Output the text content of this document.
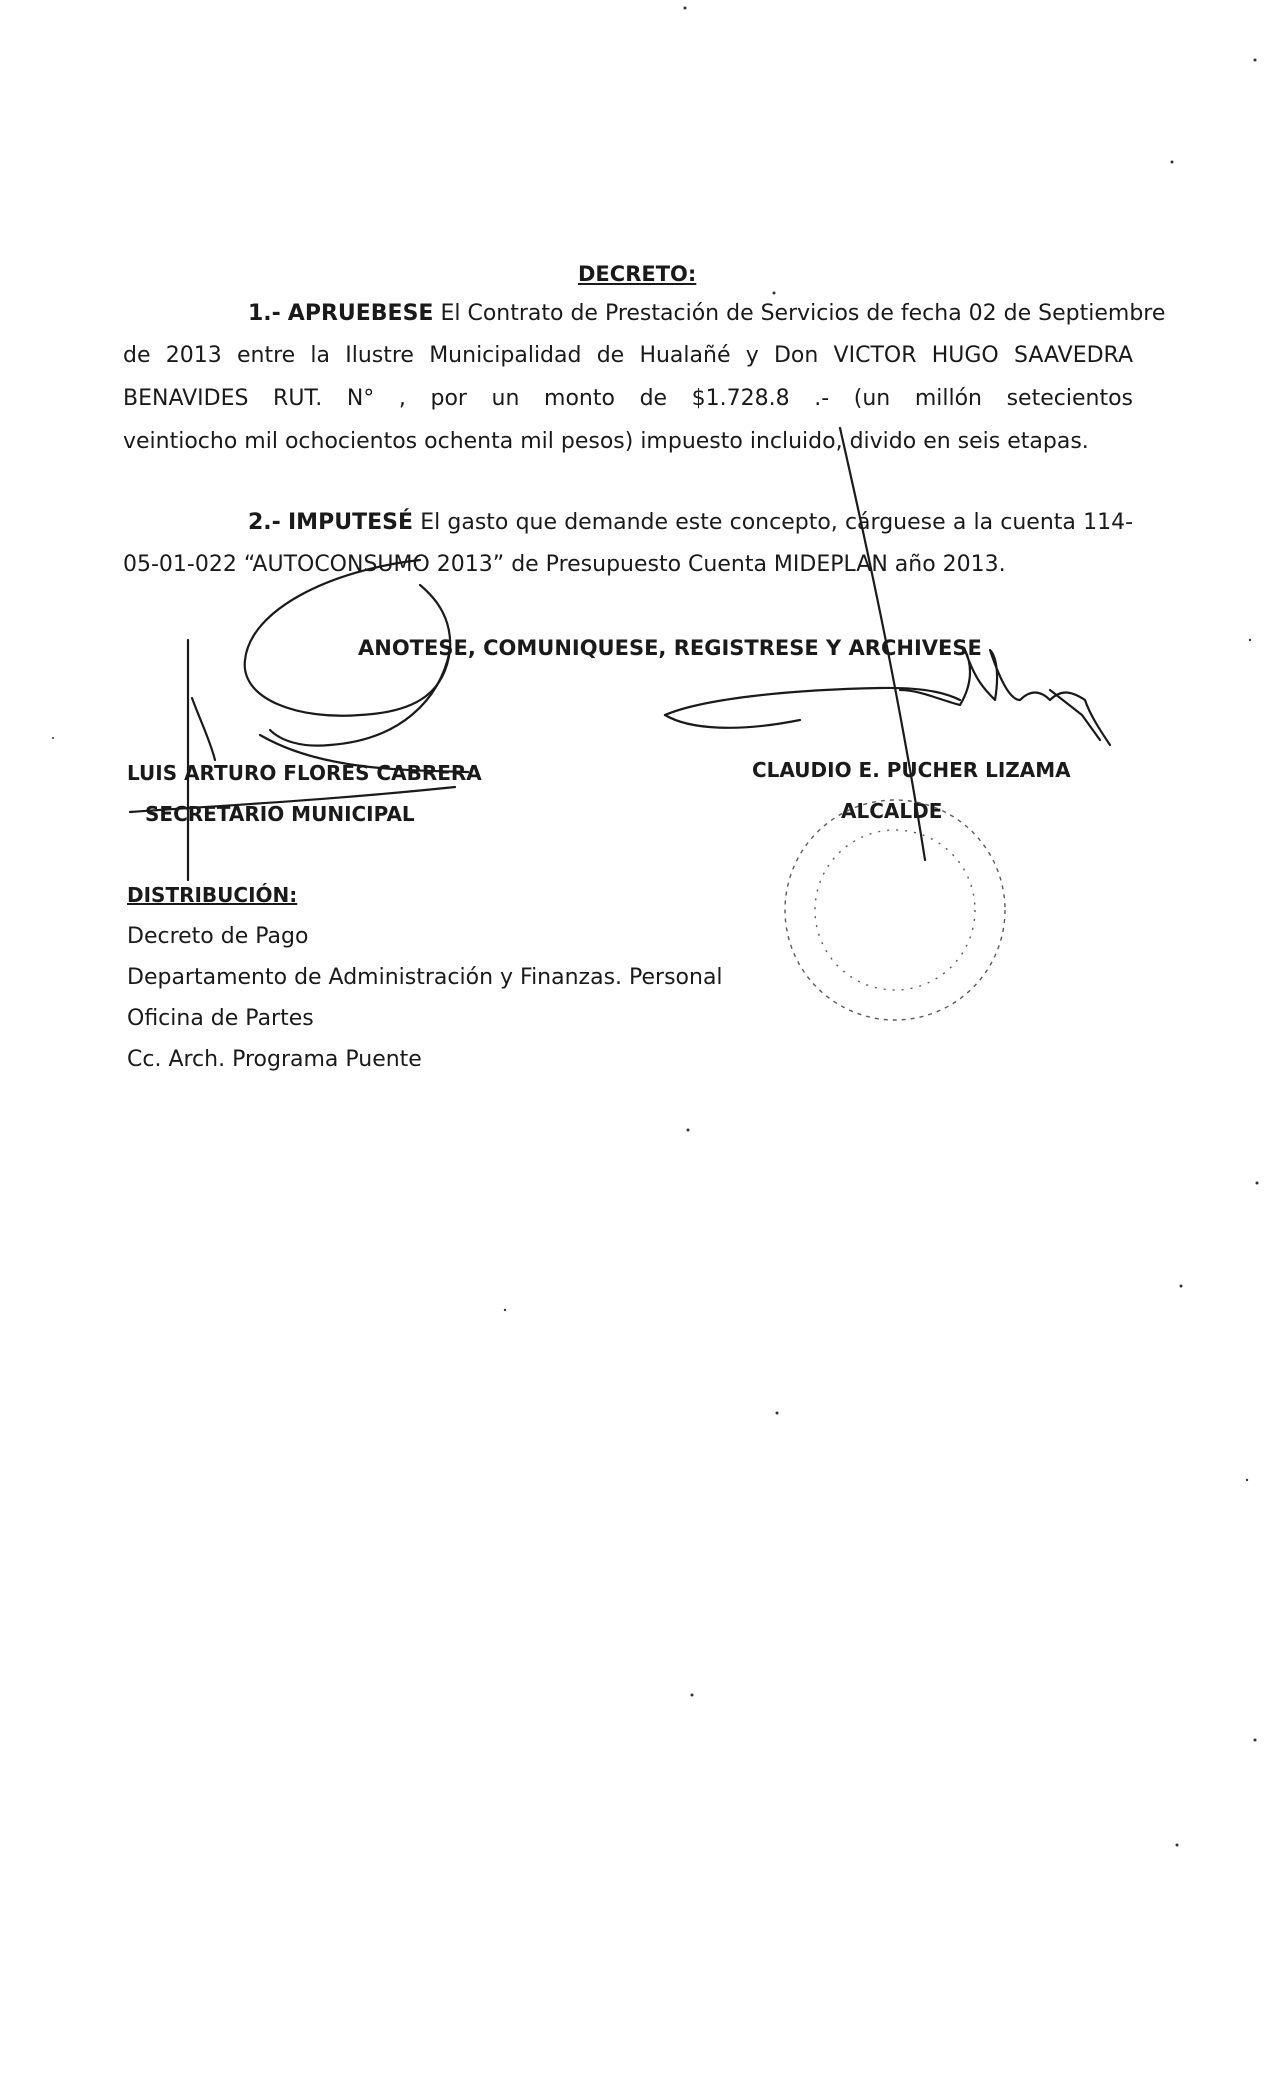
DECRETO:
1.- APRUEBESE El Contrato de Prestación de Servicios de fecha 02 de Septiembre
de 2013 entre la Ilustre Municipalidad de Hualañé y Don VICTOR HUGO SAAVEDRA
BENAVIDES RUT. N° , por un monto de $1.728.8 .- (un millón setecientos
veintiocho mil ochocientos ochenta mil pesos) impuesto incluido, divido en seis etapas.
2.- IMPUTESÉ El gasto que demande este concepto, cárguese a la cuenta 114-
05-01-022 “AUTOCONSUMO 2013” de Presupuesto Cuenta MIDEPLAN año 2013.
ANOTESE, COMUNIQUESE, REGISTRESE Y ARCHIVESE
LUIS ARTURO FLORES CABRERA
SECRETARIO MUNICIPAL
CLAUDIO E. PUCHER LIZAMA
ALCALDE
DISTRIBUCIÓN:
Decreto de Pago
Departamento de Administración y Finanzas. Personal
Oficina de Partes
Cc. Arch. Programa Puente
